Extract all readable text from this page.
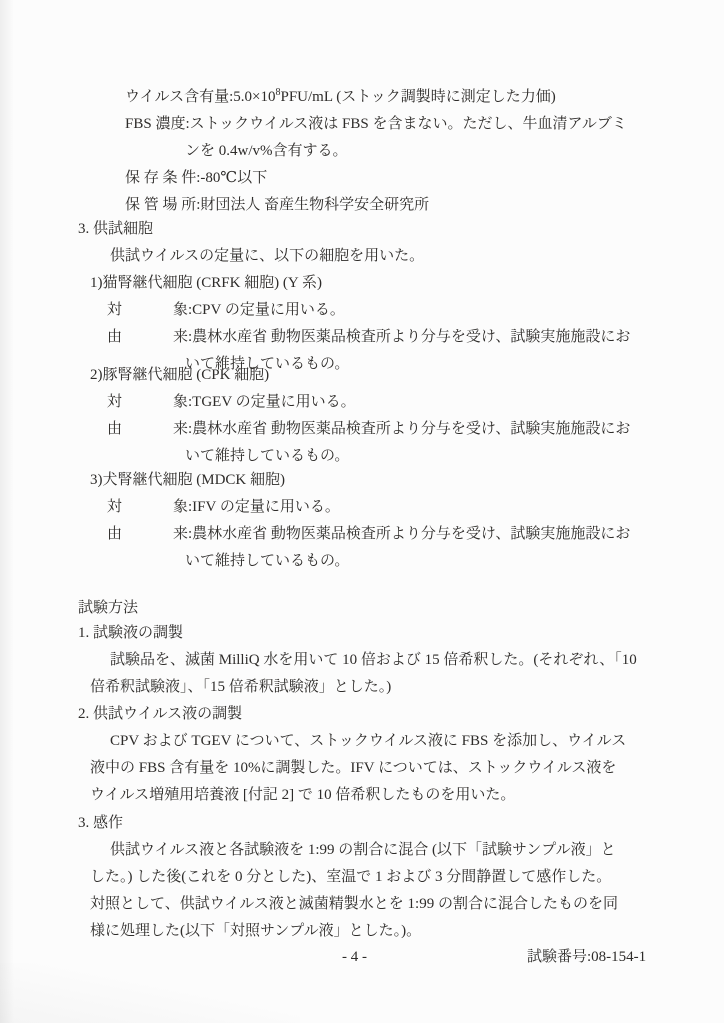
ウイルス含有量$:5.0\times 10^8PFU/mL$ (ストック調製時に測定した力価)
FBS 濃度:ストックウイルス液は FBS を含まない。ただし、牛血清アルブミ
ンを 0.4w/v%含有する。
保 存 条 件:-80℃以下
保 管 場 所:財団法人 畜産生物科学安全研究所
3. 供試細胞
供試ウイルスの定量に、以下の細胞を用いた。
1)猫腎継代細胞 (CRFK 細胞) (Y 系)
対	象:CPV の定量に用いる。
由	来:農林水産省 動物医薬品検査所より分与を受け、試験実施施設にお
いて維持しているもの。
2)豚腎継代細胞 (CPK 細胞)
対	象:TGEV の定量に用いる。
由	来:農林水産省 動物医薬品検査所より分与を受け、試験実施施設にお
いて維持しているもの。
3)犬腎継代細胞 (MDCK 細胞)
対	象:IFV の定量に用いる。
由	来:農林水産省 動物医薬品検査所より分与を受け、試験実施施設にお
いて維持しているもの。
試験方法
1. 試験液の調製
試験品を、滅菌 MilliQ 水を用いて 10 倍および 15 倍希釈した。(それぞれ、「10
倍希釈試験液」、「15 倍希釈試験液」とした。)
2. 供試ウイルス液の調製
CPV および TGEV について、ストックウイルス液に FBS を添加し、ウイルス
液中の FBS 含有量を 10%に調製した。IFV については、ストックウイルス液を
ウイルス増殖用培養液 [付記 2] で 10 倍希釈したものを用いた。
3. 感作
供試ウイルス液と各試験液を 1:99 の割合に混合 (以下「試験サンプル液」と
した。) した後(これを 0 分とした)、室温で 1 および 3 分間静置して感作した。
対照として、供試ウイルス液と滅菌精製水とを 1:99 の割合に混合したものを同
様に処理した(以下「対照サンプル液」とした。)。
- 4 -	試験番号:08-154-1
